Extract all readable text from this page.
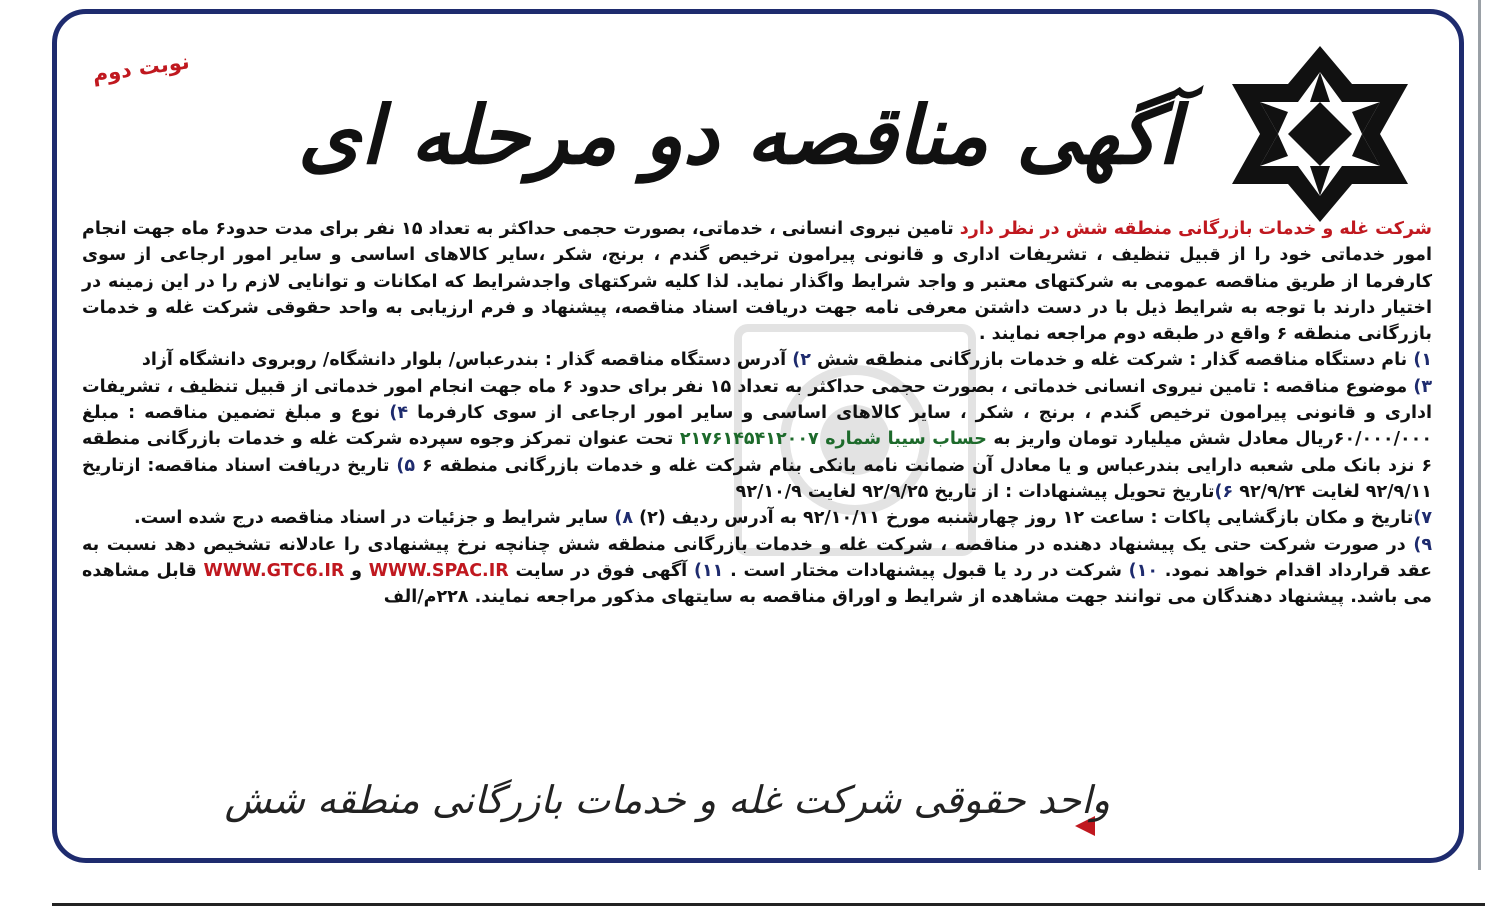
نوبت دوم
آگهی مناقصه دو مرحله ای

شرکت غله و خدمات بازرگانی منطقه شش در نظر دارد تامین نیروی انسانی ، خدماتی، بصورت حجمی حداکثر به تعداد ۱۵ نفر برای مدت حدود۶ ماه جهت انجام امور خدماتی خود را از قبیل تنظیف ، تشریفات اداری و قانونی پیرامون ترخیص گندم ، برنج، شکر ،سایر کالاهای اساسی و سایر امور ارجاعی از سوی کارفرما از طریق مناقصه عمومی به شرکتهای معتبر و واجد شرایط واگذار نماید. لذا کلیه شرکتهای واجدشرایط که امکانات و توانایی لازم را در این زمینه در اختیار دارند با توجه به شرایط ذیل با در دست داشتن معرفی نامه جهت دریافت اسناد مناقصه، پیشنهاد و فرم ارزیابی به واحد حقوقی شرکت غله و خدمات بازرگانی منطقه ۶ واقع در طبقه دوم مراجعه نمایند .

۱) نام دستگاه مناقصه گذار : شرکت غله و خدمات بازرگانی منطقه شش ۲) آدرس دستگاه مناقصه گذار : بندرعباس/ بلوار دانشگاه/ روبروی دانشگاه آزاد

۳) موضوع مناقصه : تامین نیروی انسانی خدماتی ، بصورت حجمی حداکثر به تعداد ۱۵ نفر برای حدود ۶ ماه جهت انجام امور خدماتی از قبیل تنظیف ، تشریفات اداری و قانونی پیرامون ترخیص گندم ، برنج ، شکر ، سایر کالاهای اساسی و سایر امور ارجاعی از سوی کارفرما ۴) نوع و مبلغ تضمین مناقصه : مبلغ ۶۰/۰۰۰/۰۰۰ریال معادل شش میلیارد تومان واریز به حساب سیبا شماره ۲۱۷۶۱۴۵۴۱۲۰۰۷ تحت عنوان تمرکز وجوه سپرده شرکت غله و خدمات بازرگانی منطقه ۶ نزد بانک ملی شعبه دارایی بندرعباس و یا معادل آن ضمانت نامه بانکی بنام شرکت غله و خدمات بازرگانی منطقه ۶ ۵) تاریخ دریافت اسناد مناقصه: ازتاریخ ۹۲/۹/۱۱ لغایت ۹۲/۹/۲۴ ۶)تاریخ تحویل پیشنهادات : از تاریخ ۹۲/۹/۲۵ لغایت ۹۲/۱۰/۹

۷)تاریخ و مکان بازگشایی پاکات : ساعت ۱۲ روز چهارشنبه مورخ ۹۲/۱۰/۱۱ به آدرس ردیف (۲) ۸) سایر شرایط و جزئیات در اسناد مناقصه درج شده است.

۹) در صورت شرکت حتی یک پیشنهاد دهنده در مناقصه ، شرکت غله و خدمات بازرگانی منطقه شش چنانچه نرخ پیشنهادی را عادلانه تشخیص دهد نسبت به عقد قرارداد اقدام خواهد نمود. ۱۰) شرکت در رد یا قبول پیشنهادات مختار است . ۱۱) آگهی فوق در سایت WWW.SPAC.IR و WWW.GTC6.IR قابل مشاهده می باشد. پیشنهاد دهندگان می توانند جهت مشاهده از شرایط و اوراق مناقصه به سایتهای مذکور مراجعه نمایند. ۲۲۸م/الف

واحد حقوقی شرکت غله و خدمات بازرگانی منطقه شش
